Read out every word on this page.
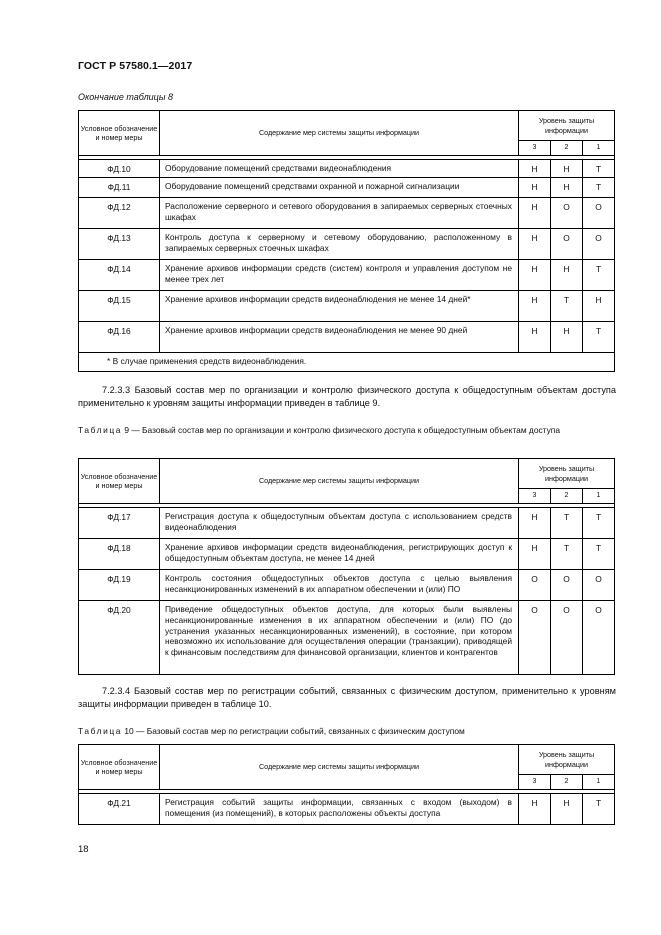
ГОСТ Р 57580.1—2017
Окончание таблицы 8
Условное обозначение и номер меры	Содержание мер системы защиты информации	Уровень защиты информации		
		3	2	1

ФД.10	Оборудование помещений средствами видеонаблюдения	Н	Н	Т
ФД.11	Оборудование помещений средствами охранной и пожарной сигнализации	Н	Н	Т
ФД.12	Расположение серверного и сетевого оборудования в запираемых серверных стоечных шкафах	Н	О	О
ФД.13	Контроль доступа к серверному и сетевому оборудованию, расположенному в запираемых серверных стоечных шкафах	Н	О	О
ФД.14	Хранение архивов информации средств (систем) контроля и управления доступом не менее трех лет	Н	Н	Т
ФД.15	Хранение архивов информации средств видеонаблюдения не менее 14 дней*	Н	Т	Н
ФД.16	Хранение архивов информации средств видеонаблюдения не менее 90 дней	Н	Н	Т
* В случае применения средств видеонаблюдения.				
7.2.3.3 Базовый состав мер по организации и контролю физического доступа к общедоступным объектам доступа применительно к уровням защиты информации приведен в таблице 9.
Таблица 9 — Базовый состав мер по организации и контролю физического доступа к общедоступным объектам доступа
Условное обозначение и номер меры	Содержание мер системы защиты информации	Уровень защиты информации		
		3	2	1

ФД.17	Регистрация доступа к общедоступным объектам доступа с использованием средств видеонаблюдения	Н	Т	Т
ФД.18	Хранение архивов информации средств видеонаблюдения, регистрирующих доступ к общедоступным объектам доступа, не менее 14 дней	Н	Т	Т
ФД.19	Контроль состояния общедоступных объектов доступа с целью выявления несанкционированных изменений в их аппаратном обеспечении и (или) ПО	О	О	О
ФД.20	Приведение общедоступных объектов доступа, для которых были выявлены несанкционированные изменения в их аппаратном обеспечении и (или) ПО (до устранения указанных несанкционированных изменений), в состояние, при котором невозможно их использование для осуществления операции (транзакции), приводящей к финансовым последствиям для финансовой организации, клиентов и контрагентов	О	О	О
7.2.3.4 Базовый состав мер по регистрации событий, связанных с физическим доступом, применительно к уровням защиты информации приведен в таблице 10.
Таблица 10 — Базовый состав мер по регистрации событий, связанных с физическим доступом
Условное обозначение и номер меры	Содержание мер системы защиты информации	Уровень защиты информации		
		3	2	1

ФД.21	Регистрация событий защиты информации, связанных с входом (выходом) в помещения (из помещений), в которых расположены объекты доступа	Н	Н	Т
18
